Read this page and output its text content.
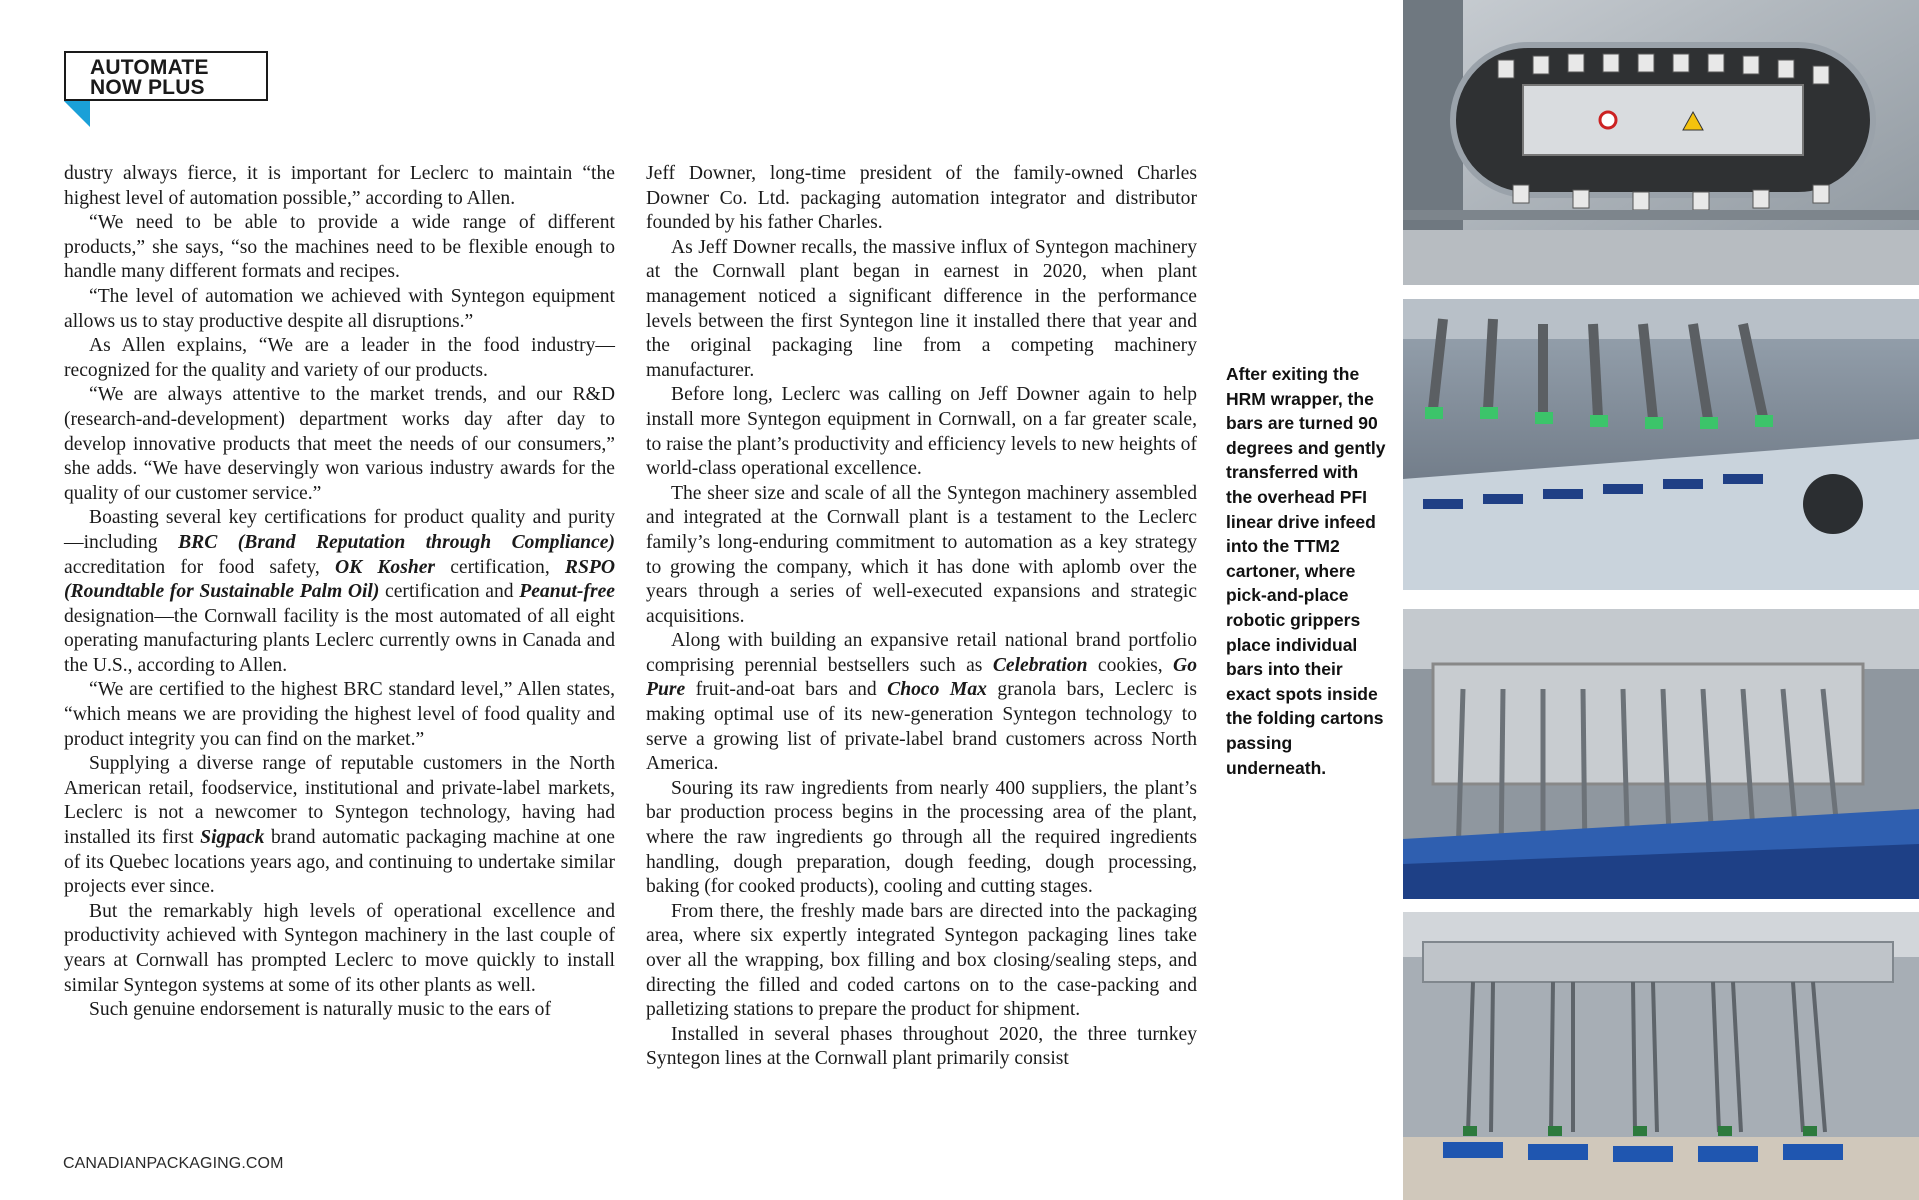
AUTOMATE
NOW PLUS

dustry always fierce, it is important for Leclerc to maintain “the highest level of automation possible,” according to Allen.

“We need to be able to provide a wide range of different products,” she says, “so the machines need to be flexible enough to handle many different formats and recipes.

“The level of automation we achieved with Syntegon equipment allows us to stay productive despite all disruptions.”

As Allen explains, “We are a leader in the food industry—recognized for the quality and variety of our products.

“We are always attentive to the market trends, and our R&D (research-and-development) department works day after day to develop innovative products that meet the needs of our consumers,” she adds. “We have deservingly won various industry awards for the quality of our customer service.”

Boasting several key certifications for product quality and purity—including BRC (Brand Reputation through Compliance) accreditation for food safety, OK Kosher certification, RSPO (Roundtable for Sustainable Palm Oil) certification and Peanut-free designation—the Cornwall facility is the most automated of all eight operating manufacturing plants Leclerc currently owns in Canada and the U.S., according to Allen.

“We are certified to the highest BRC standard level,” Allen states, “which means we are providing the highest level of food quality and product integrity you can find on the market.”

Supplying a diverse range of reputable customers in the North American retail, foodservice, institutional and private-label markets, Leclerc is not a newcomer to Syntegon technology, having had installed its first Sigpack brand automatic packaging machine at one of its Quebec locations years ago, and continuing to undertake similar projects ever since.

But the remarkably high levels of operational excellence and productivity achieved with Syntegon machinery in the last couple of years at Cornwall has prompted Leclerc to move quickly to install similar Syntegon systems at some of its other plants as well.

Such genuine endorsement is naturally music to the ears of

Jeff Downer, long-time president of the family-owned Charles Downer Co. Ltd. packaging automation integrator and distributor founded by his father Charles.

As Jeff Downer recalls, the massive influx of Syntegon machinery at the Cornwall plant began in earnest in 2020, when plant management noticed a significant difference in the performance levels between the first Syntegon line it installed there that year and the original packaging line from a competing machinery manufacturer.

Before long, Leclerc was calling on Jeff Downer again to help install more Syntegon equipment in Cornwall, on a far greater scale, to raise the plant’s productivity and efficiency levels to new heights of world-class operational excellence.

The sheer size and scale of all the Syntegon machinery assembled and integrated at the Cornwall plant is a testament to the Leclerc family’s long-enduring commitment to automation as a key strategy to growing the company, which it has done with aplomb over the years through a series of well-executed expansions and strategic acquisitions.

Along with building an expansive retail national brand portfolio comprising perennial bestsellers such as Celebration cookies, Go Pure fruit-and-oat bars and Choco Max granola bars, Leclerc is making optimal use of its new-generation Syntegon technology to serve a growing list of private-label brand customers across North America.

Souring its raw ingredients from nearly 400 suppliers, the plant’s bar production process begins in the processing area of the plant, where the raw ingredients go through all the required ingredients handling, dough preparation, dough feeding, dough processing, baking (for cooked products), cooling and cutting stages.

From there, the freshly made bars are directed into the packaging area, where six expertly integrated Syntegon packaging lines take over all the wrapping, box filling and box closing/sealing steps, and directing the filled and coded cartons on to the case-packing and palletizing stations to prepare the product for shipment.

Installed in several phases throughout 2020, the three turnkey Syntegon lines at the Cornwall plant primarily consist

After exiting the HRM wrapper, the bars are turned 90 degrees and gently transferred with the overhead PFI linear drive infeed into the TTM2 cartoner, where pick-and-place robotic grippers place individual bars into their exact spots inside the folding cartons passing underneath.
CANADIANPACKAGING.COM
